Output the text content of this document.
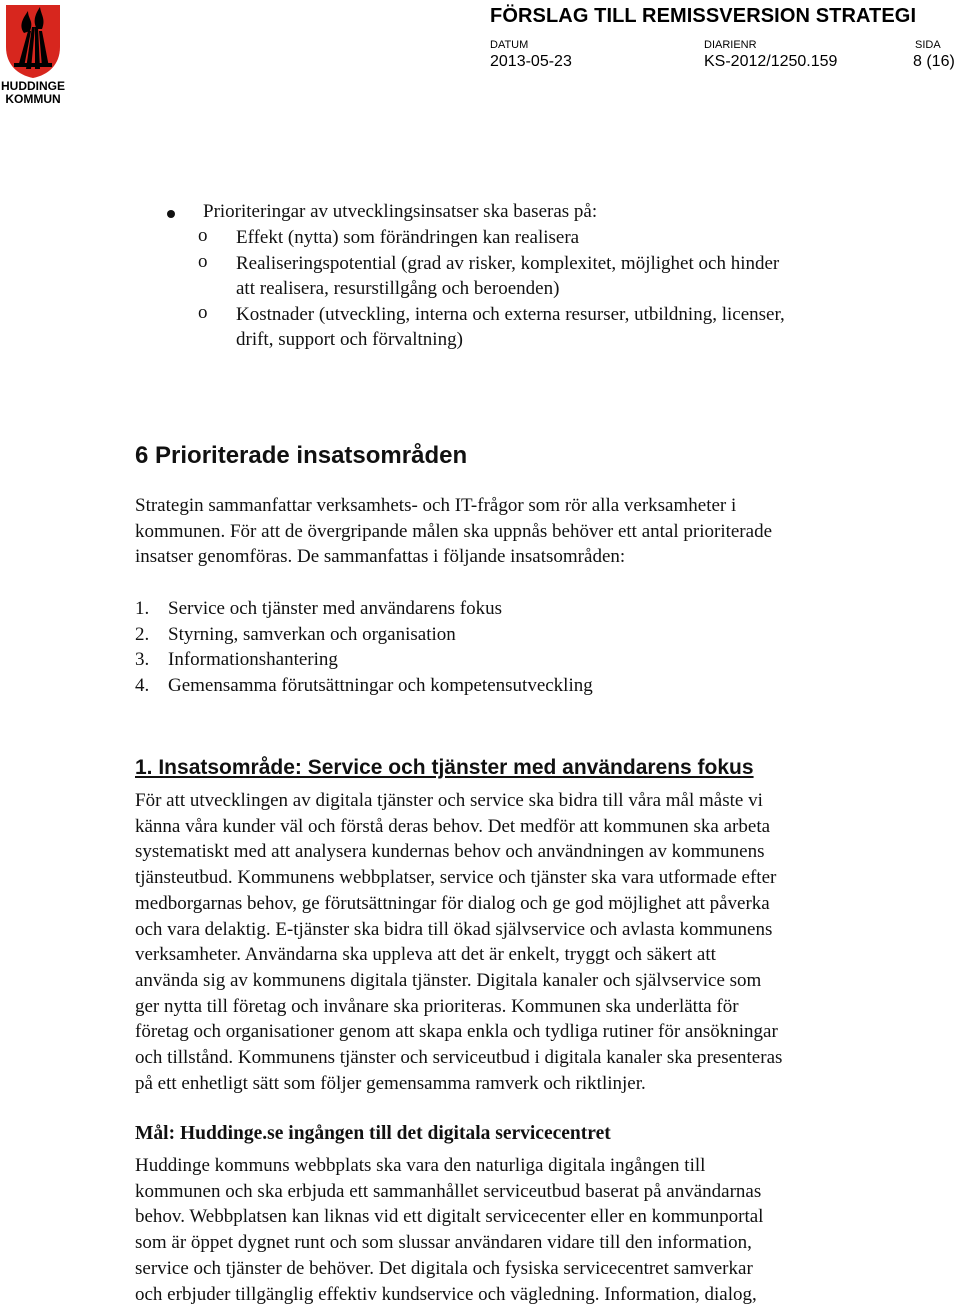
HUDDINGE
KOMMUN
FÖRSLAG TILL REMISSVERSION STRATEGI
DATUM
2013-05-23
DIARIENR
KS-2012/1250.159
SIDA
8 (16)
Prioriteringar av utvecklingsinsatser ska baseras på:
o Effekt (nytta) som förändringen kan realisera
o Realiseringspotential (grad av risker, komplexitet, möjlighet och hinder
att realisera, resurstillgång och beroenden)
o Kostnader (utveckling, interna och externa resurser, utbildning, licenser,
drift, support och förvaltning)
6 Prioriterade insatsområden
Strategin sammanfattar verksamhets- och IT-frågor som rör alla verksamheter i
kommunen. För att de övergripande målen ska uppnås behöver ett antal prioriterade
insatser genomföras. De sammanfattas i följande insatsområden:
1. Service och tjänster med användarens fokus
2. Styrning, samverkan och organisation
3. Informationshantering
4. Gemensamma förutsättningar och kompetensutveckling
1. Insatsområde: Service och tjänster med användarens fokus
För att utvecklingen av digitala tjänster och service ska bidra till våra mål måste vi
känna våra kunder väl och förstå deras behov. Det medför att kommunen ska arbeta
systematiskt med att analysera kundernas behov och användningen av kommunens
tjänsteutbud. Kommunens webbplatser, service och tjänster ska vara utformade efter
medborgarnas behov, ge förutsättningar för dialog och ge god möjlighet att påverka
och vara delaktig. E-tjänster ska bidra till ökad självservice och avlasta kommunens
verksamheter. Användarna ska uppleva att det är enkelt, tryggt och säkert att
använda sig av kommunens digitala tjänster. Digitala kanaler och självservice som
ger nytta till företag och invånare ska prioriteras. Kommunen ska underlätta för
företag och organisationer genom att skapa enkla och tydliga rutiner för ansökningar
och tillstånd. Kommunens tjänster och serviceutbud i digitala kanaler ska presenteras
på ett enhetligt sätt som följer gemensamma ramverk och riktlinjer.
Mål: Huddinge.se ingången till det digitala servicecentret
Huddinge kommuns webbplats ska vara den naturliga digitala ingången till
kommunen och ska erbjuda ett sammanhållet serviceutbud baserat på användarnas
behov. Webbplatsen kan liknas vid ett digitalt servicecenter eller en kommunportal
som är öppet dygnet runt och som slussar användaren vidare till den information,
service och tjänster de behöver. Det digitala och fysiska servicecentret samverkar
och erbjuder tillgänglig effektiv kundservice och vägledning. Information, dialog,
